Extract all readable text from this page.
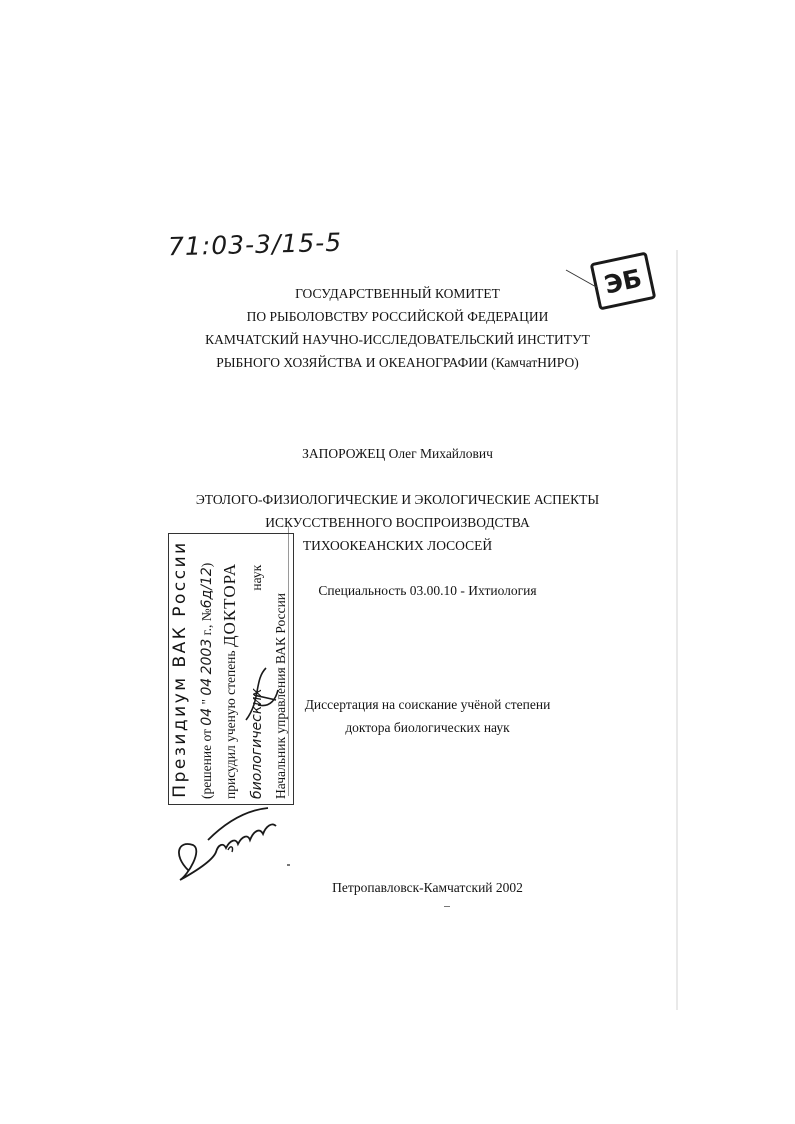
71:03-3/15-5
ЭБ
ГОСУДАРСТВЕННЫЙ КОМИТЕТ
ПО РЫБОЛОВСТВУ РОССИЙСКОЙ ФЕДЕРАЦИИ
КАМЧАТСКИЙ НАУЧНО-ИССЛЕДОВАТЕЛЬСКИЙ ИНСТИТУТ
РЫБНОГО ХОЗЯЙСТВА И ОКЕАНОГРАФИИ (КамчатНИРО)
ЗАПОРОЖЕЦ Олег Михайлович
ЭТОЛОГО-ФИЗИОЛОГИЧЕСКИЕ И ЭКОЛОГИЧЕСКИЕ АСПЕКТЫ
ИСКУССТВЕННОГО ВОСПРОИЗВОДСТВА
ТИХООКЕАНСКИХ ЛОСОСЕЙ
Специальность 03.00.10 - Ихтиология
Диссертация на соискание учёной степени
доктора биологических наук
Петропавловск-Камчатский 2002
Президиум ВАК России (решение от 04 " 04 2003 г., №6д/12)
присудил ученую степень ДОКТОРА
биологических наук
Начальник управления ВАК России
